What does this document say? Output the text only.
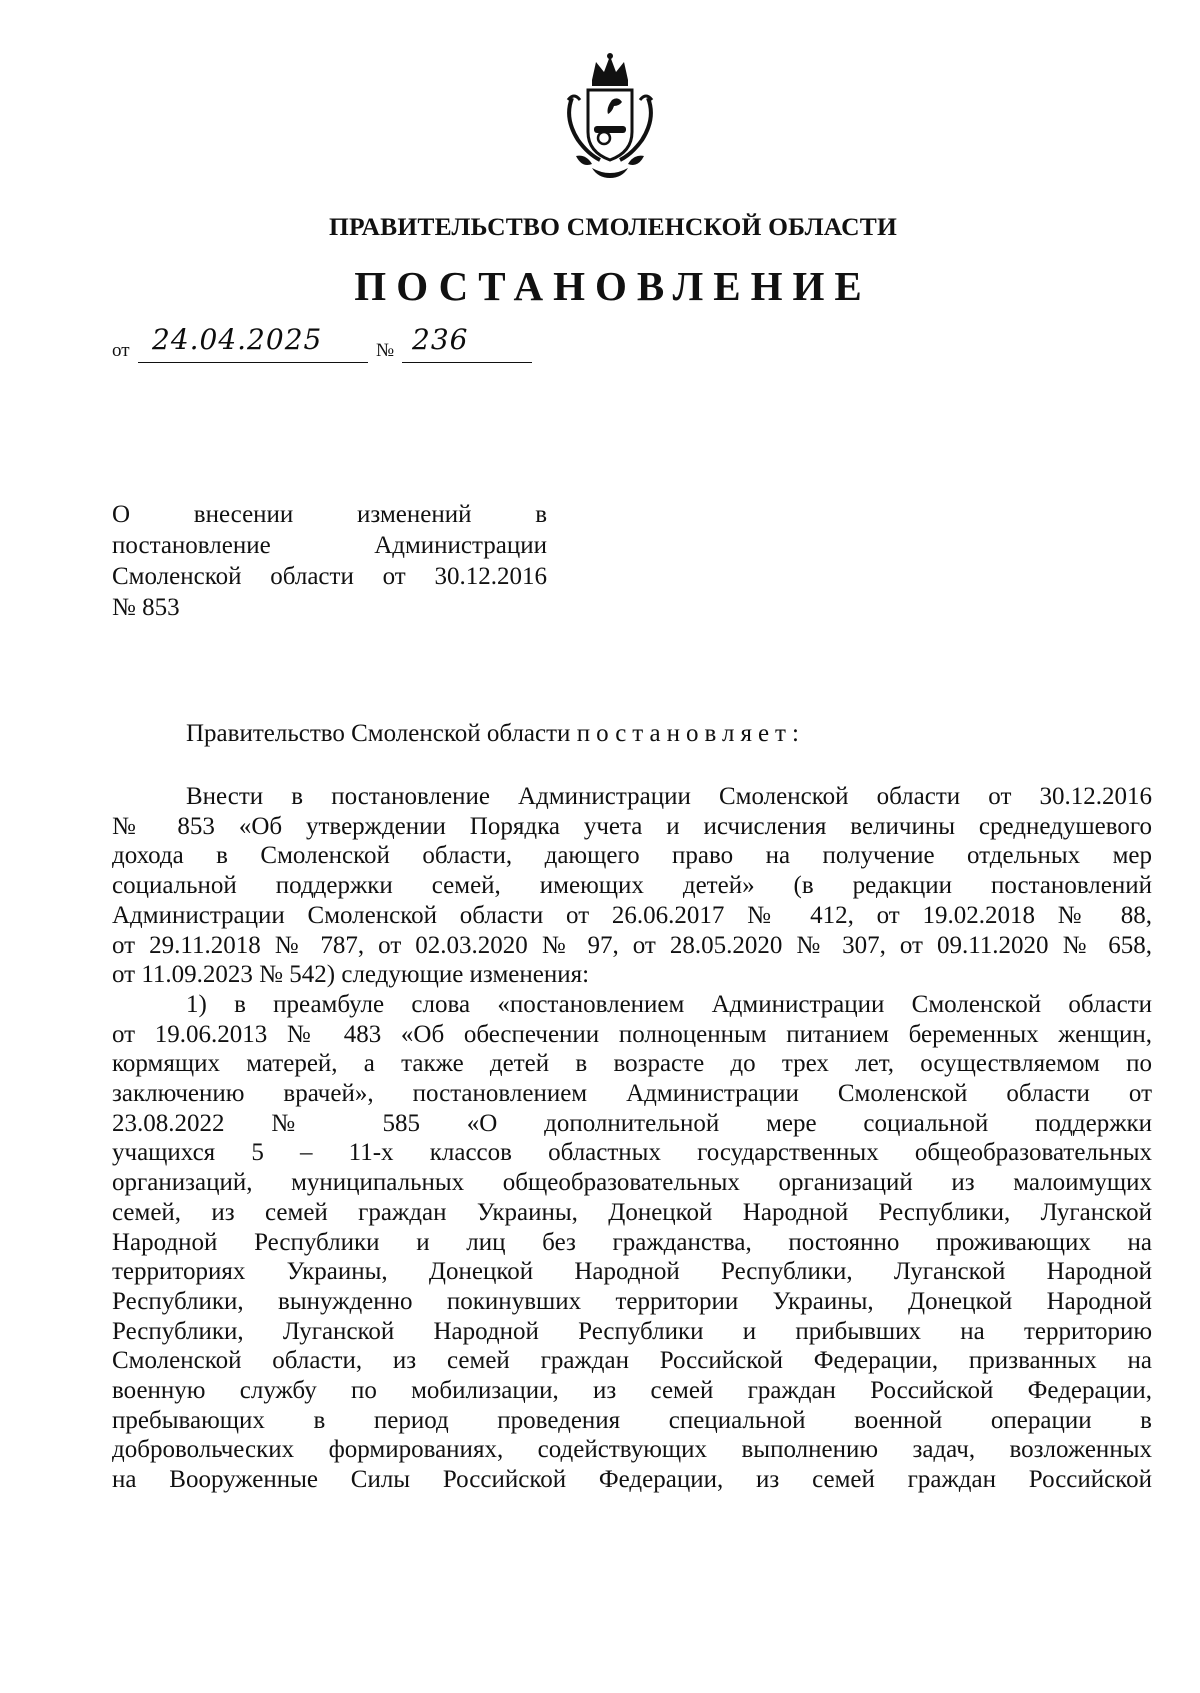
ПРАВИТЕЛЬСТВО СМОЛЕНСКОЙ ОБЛАСТИ
ПОСТАНОВЛЕНИЕ
от 24.04.2025	№ 236
О внесении изменений в
постановление Администрации
Смоленской области от 30.12.2016
№ 853
Правительство Смоленской области постановляет:
Внести в постановление Администрации Смоленской области от 30.12.2016
№ 853 «Об утверждении Порядка учета и исчисления величины среднедушевого
дохода в Смоленской области, дающего право на получение отдельных мер
социальной поддержки семей, имеющих детей» (в редакции постановлений
Администрации Смоленской области от 26.06.2017 № 412, от 19.02.2018 № 88,
от 29.11.2018 № 787, от 02.03.2020 № 97, от 28.05.2020 № 307, от 09.11.2020 № 658,
от 11.09.2023 № 542) следующие изменения:
1) в преамбуле слова «постановлением Администрации Смоленской области
от 19.06.2013 № 483 «Об обеспечении полноценным питанием беременных женщин,
кормящих матерей, а также детей в возрасте до трех лет, осуществляемом по
заключению врачей», постановлением Администрации Смоленской области от
23.08.2022 № 585 «О дополнительной мере социальной поддержки
учащихся 5 – 11-х классов областных государственных общеобразовательных
организаций, муниципальных общеобразовательных организаций из малоимущих
семей, из семей граждан Украины, Донецкой Народной Республики, Луганской
Народной Республики и лиц без гражданства, постоянно проживающих на
территориях Украины, Донецкой Народной Республики, Луганской Народной
Республики, вынужденно покинувших территории Украины, Донецкой Народной
Республики, Луганской Народной Республики и прибывших на территорию
Смоленской области, из семей граждан Российской Федерации, призванных на
военную службу по мобилизации, из семей граждан Российской Федерации,
пребывающих в период проведения специальной военной операции в
добровольческих формированиях, содействующих выполнению задач, возложенных
на Вооруженные Силы Российской Федерации, из семей граждан Российской
